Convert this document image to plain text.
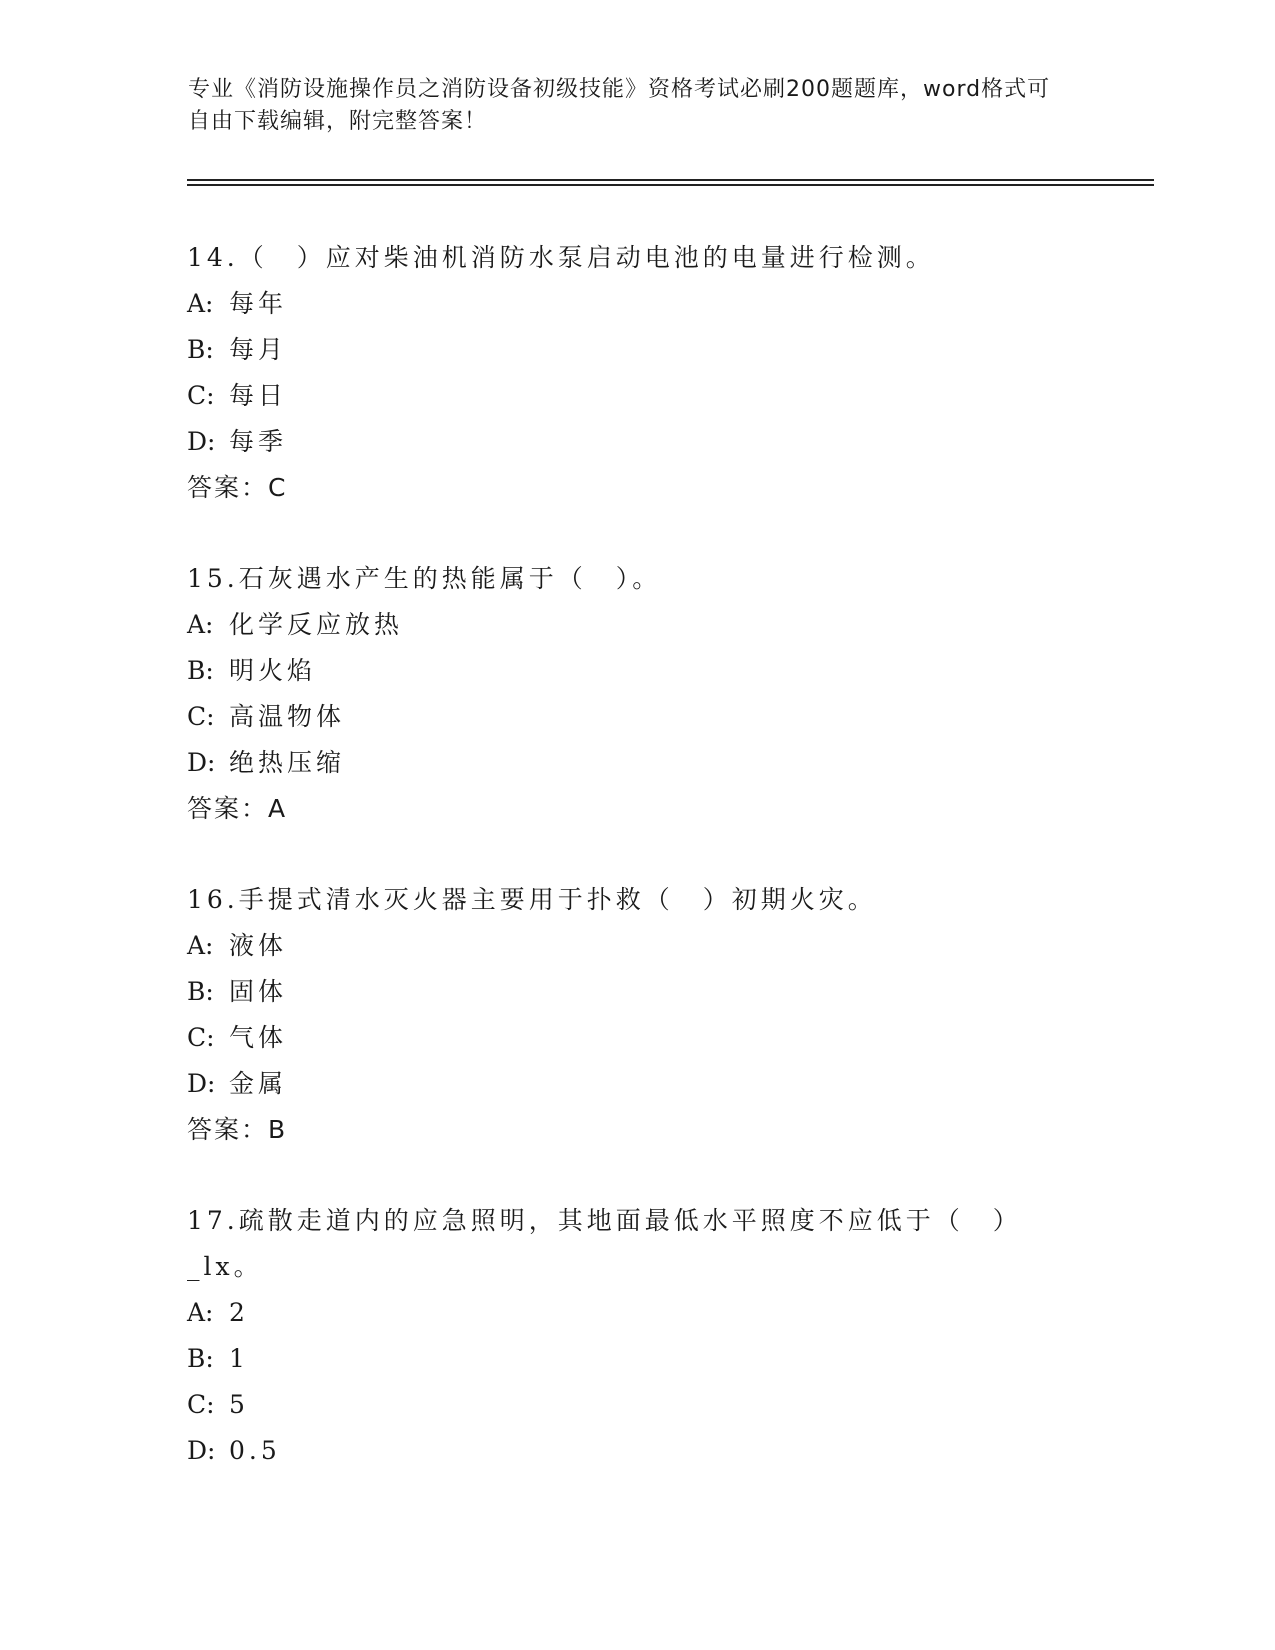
专业《消防设施操作员之消防设备初级技能》资格考试必刷200题题库，word格式可自由下载编辑，附完整答案！
14.（　）应对柴油机消防水泵启动电池的电量进行检测。
A: 每年
B: 每月
C: 每日
D: 每季
答案：C
15.石灰遇水产生的热能属于（　）。
A: 化学反应放热
B: 明火焰
C: 高温物体
D: 绝热压缩
答案：A
16.手提式清水灭火器主要用于扑救（　）初期火灾。
A: 液体
B: 固体
C: 气体
D: 金属
答案：B
17.疏散走道内的应急照明，其地面最低水平照度不应低于（　）_lx。
A: 2
B: 1
C: 5
D: 0.5
